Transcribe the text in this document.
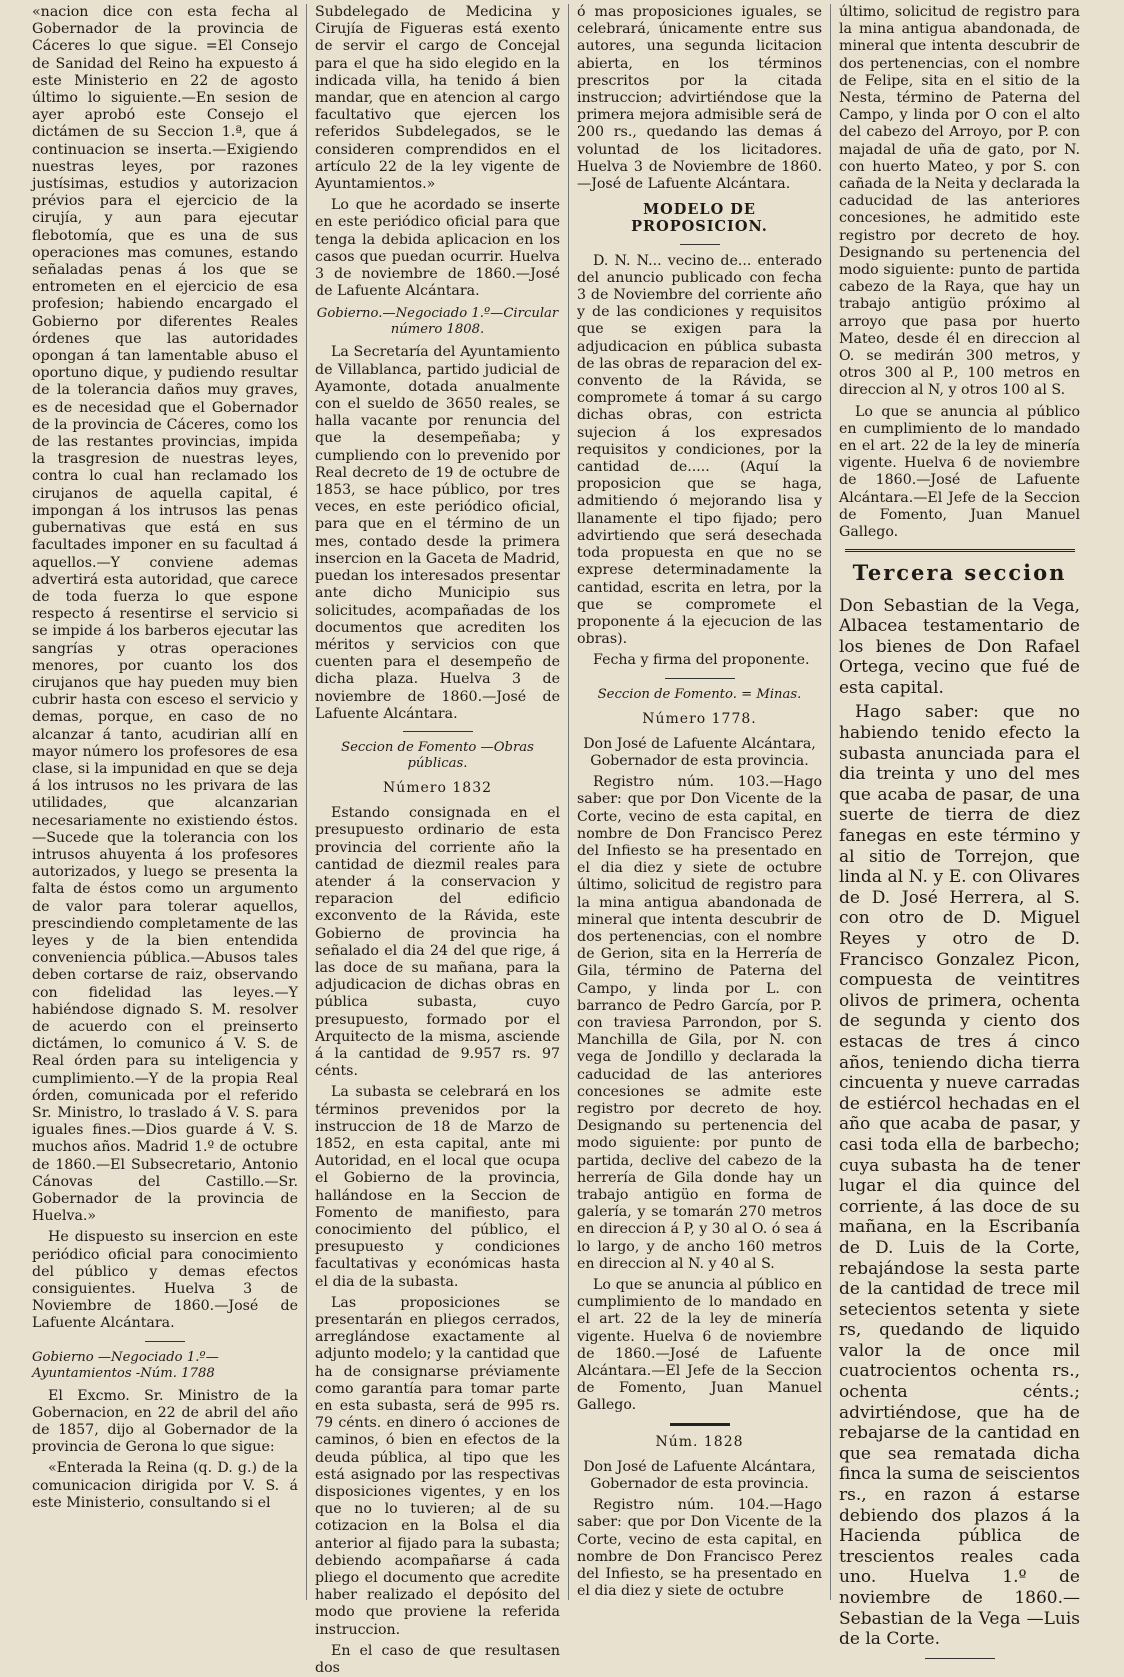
«nacion dice con esta fecha al Gobernador de la provincia de Cáceres lo que sigue. =El Consejo de Sanidad del Reino ha expuesto á este Ministerio en 22 de agosto último lo siguiente.—En sesion de ayer aprobó este Consejo el dictámen de su Seccion 1.ª, que á continuacion se inserta.—Exigiendo nuestras leyes, por razones justísimas, estudios y autorizacion prévios para el ejercicio de la cirujía, y aun para ejecutar flebotomía, que es una de sus operaciones mas comunes, estando señaladas penas á los que se entrometen en el ejercicio de esa profesion; habiendo encargado el Gobierno por diferentes Reales órdenes que las autoridades opongan á tan lamentable abuso el oportuno dique, y pudiendo resultar de la tolerancia daños muy graves, es de necesidad que el Gobernador de la provincia de Cáceres, como los de las restantes provincias, impida la trasgresion de nuestras leyes, contra lo cual han reclamado los cirujanos de aquella capital, é impongan á los intrusos las penas gubernativas que está en sus facultades imponer en su facultad á aquellos.—Y conviene ademas advertirá esta autoridad, que carece de toda fuerza lo que espone respecto á resentirse el servicio si se impide á los barberos ejecutar las sangrías y otras operaciones menores, por cuanto los dos cirujanos que hay pueden muy bien cubrir hasta con esceso el servicio y demas, porque, en caso de no alcanzar á tanto, acudirian allí en mayor número los profesores de esa clase, si la impunidad en que se deja á los intrusos no les privara de las utilidades, que alcanzarian necesariamente no existiendo éstos.—Sucede que la tolerancia con los intrusos ahuyenta á los profesores autorizados, y luego se presenta la falta de éstos como un argumento de valor para tolerar aquellos, prescindiendo completamente de las leyes y de la bien entendida conveniencia pública.—Abusos tales deben cortarse de raiz, observando con fidelidad las leyes.—Y habiéndose dignado S. M. resolver de acuerdo con el preinserto dictámen, lo comunico á V. S. de Real órden para su inteligencia y cumplimiento.—Y de la propia Real órden, comunicada por el referido Sr. Ministro, lo traslado á V. S. para iguales fines.—Dios guarde á V. S. muchos años. Madrid 1.º de octubre de 1860.—El Subsecretario, Antonio Cánovas del Castillo.—Sr. Gobernador de la provincia de Huelva.»

He dispuesto su insercion en este periódico oficial para conocimiento del público y demas efectos consiguientes. Huelva 3 de Noviembre de 1860.—José de Lafuente Alcántara.

Gobierno —Negociado 1.º—Ayuntamientos -Núm. 1788

El Excmo. Sr. Ministro de la Gobernacion, en 22 de abril del año de 1857, dijo al Gobernador de la provincia de Gerona lo que sigue:

«Enterada la Reina (q. D. g.) de la comunicacion dirigida por V. S. á este Ministerio, consultando si el

Subdelegado de Medicina y Cirujía de Figueras está exento de servir el cargo de Concejal para el que ha sido elegido en la indicada villa, ha tenido á bien mandar, que en atencion al cargo facultativo que ejercen los referidos Subdelegados, se le consideren comprendidos en el artículo 22 de la ley vigente de Ayuntamientos.»

Lo que he acordado se inserte en este periódico oficial para que tenga la debida aplicacion en los casos que puedan ocurrir. Huelva 3 de noviembre de 1860.—José de Lafuente Alcántara.

Gobierno.—Negociado 1.º—Circular número 1808.

La Secretaría del Ayuntamiento de Villablanca, partido judicial de Ayamonte, dotada anualmente con el sueldo de 3650 reales, se halla vacante por renuncia del que la desempeñaba; y cumpliendo con lo prevenido por Real decreto de 19 de octubre de 1853, se hace público, por tres veces, en este periódico oficial, para que en el término de un mes, contado desde la primera insercion en la Gaceta de Madrid, puedan los interesados presentar ante dicho Municipio sus solicitudes, acompañadas de los documentos que acrediten los méritos y servicios con que cuenten para el desempeño de dicha plaza. Huelva 3 de noviembre de 1860.—José de Lafuente Alcántara.

Seccion de Fomento —Obras públicas.
Número 1832

Estando consignada en el presupuesto ordinario de esta provincia del corriente año la cantidad de diezmil reales para atender á la conservacion y reparacion del edificio exconvento de la Rávida, este Gobierno de provincia ha señalado el dia 24 del que rige, á las doce de su mañana, para la adjudicacion de dichas obras en pública subasta, cuyo presupuesto, formado por el Arquitecto de la misma, asciende á la cantidad de 9.957 rs. 97 cénts.

La subasta se celebrará en los términos prevenidos por la instruccion de 18 de Marzo de 1852, en esta capital, ante mi Autoridad, en el local que ocupa el Gobierno de la provincia, hallándose en la Seccion de Fomento de manifiesto, para conocimiento del público, el presupuesto y condiciones facultativas y económicas hasta el dia de la subasta.

Las proposiciones se presentarán en pliegos cerrados, arreglándose exactamente al adjunto modelo; y la cantidad que ha de consignarse préviamente como garantía para tomar parte en esta subasta, será de 995 rs. 79 cénts. en dinero ó acciones de caminos, ó bien en efectos de la deuda pública, al tipo que les está asignado por las respectivas disposiciones vigentes, y en los que no lo tuvieren; al de su cotizacion en la Bolsa el dia anterior al fijado para la subasta; debiendo acompañarse á cada pliego el documento que acredite haber realizado el depósito del modo que proviene la referida instruccion.

En el caso de que resultasen dos

ó mas proposiciones iguales, se celebrará, únicamente entre sus autores, una segunda licitacion abierta, en los términos prescritos por la citada instruccion; advirtiéndose que la primera mejora admisible será de 200 rs., quedando las demas á voluntad de los licitadores. Huelva 3 de Noviembre de 1860.—José de Lafuente Alcántara.

MODELO DE PROPOSICION.

D. N. N... vecino de... enterado del anuncio publicado con fecha 3 de Noviembre del corriente año y de las condiciones y requisitos que se exigen para la adjudicacion en pública subasta de las obras de reparacion del ex-convento de la Rávida, se compromete á tomar á su cargo dichas obras, con estricta sujecion á los expresados requisitos y condiciones, por la cantidad de..... (Aquí la proposicion que se haga, admitiendo ó mejorando lisa y llanamente el tipo fijado; pero advirtiendo que será desechada toda propuesta en que no se exprese determinadamente la cantidad, escrita en letra, por la que se compromete el proponente á la ejecucion de las obras).

Fecha y firma del proponente.

Seccion de Fomento. = Minas.
Número 1778.

Don José de Lafuente Alcántara, Gobernador de esta provincia.

Registro núm. 103.—Hago saber: que por Don Vicente de la Corte, vecino de esta capital, en nombre de Don Francisco Perez del Infiesto se ha presentado en el dia diez y siete de octubre último, solicitud de registro para la mina antigua abandonada de mineral que intenta descubrir de dos pertenencias, con el nombre de Gerion, sita en la Herrería de Gila, término de Paterna del Campo, y linda por L. con barranco de Pedro García, por P. con traviesa Parrondon, por S. Manchilla de Gila, por N. con vega de Jondillo y declarada la caducidad de las anteriores concesiones se admite este registro por decreto de hoy. Designando su pertenencia del modo siguiente: por punto de partida, declive del cabezo de la herrería de Gila donde hay un trabajo antigüo en forma de galería, y se tomarán 270 metros en direccion á P, y 30 al O. ó sea á lo largo, y de ancho 160 metros en direccion al N. y 40 al S.

Lo que se anuncia al público en cumplimiento de lo mandado en el art. 22 de la ley de minería vigente. Huelva 6 de noviembre de 1860.—José de Lafuente Alcántara.—El Jefe de la Seccion de Fomento, Juan Manuel Gallego.

Núm. 1828

Don José de Lafuente Alcántara, Gobernador de esta provincia.

Registro núm. 104.—Hago saber: que por Don Vicente de la Corte, vecino de esta capital, en nombre de Don Francisco Perez del Infiesto, se ha presentado en el dia diez y siete de octubre

último, solicitud de registro para la mina antigua abandonada, de mineral que intenta descubrir de dos pertenencias, con el nombre de Felipe, sita en el sitio de la Nesta, término de Paterna del Campo, y linda por O con el alto del cabezo del Arroyo, por P. con majadal de uña de gato, por N. con huerto Mateo, y por S. con cañada de la Neita y declarada la caducidad de las anteriores concesiones, he admitido este registro por decreto de hoy. Designando su pertenencia del modo siguiente: punto de partida cabezo de la Raya, que hay un trabajo antigüo próximo al arroyo que pasa por huerto Mateo, desde él en direccion al O. se medirán 300 metros, y otros 300 al P., 100 metros en direccion al N, y otros 100 al S.

Lo que se anuncia al público en cumplimiento de lo mandado en el art. 22 de la ley de minería vigente. Huelva 6 de noviembre de 1860.—José de Lafuente Alcántara.—El Jefe de la Seccion de Fomento, Juan Manuel Gallego.

Tercera seccion

Don Sebastian de la Vega, Albacea testamentario de los bienes de Don Rafael Ortega, vecino que fué de esta capital.

Hago saber: que no habiendo tenido efecto la subasta anunciada para el dia treinta y uno del mes que acaba de pasar, de una suerte de tierra de diez fanegas en este término y al sitio de Torrejon, que linda al N. y E. con Olivares de D. José Herrera, al S. con otro de D. Miguel Reyes y otro de D. Francisco Gonzalez Picon, compuesta de veintitres olivos de primera, ochenta de segunda y ciento dos estacas de tres á cinco años, teniendo dicha tierra cincuenta y nueve carradas de estiércol hechadas en el año que acaba de pasar, y casi toda ella de barbecho; cuya subasta ha de tener lugar el dia quince del corriente, á las doce de su mañana, en la Escribanía de D. Luis de la Corte, rebajándose la sesta parte de la cantidad de trece mil setecientos setenta y siete rs, quedando de liquido valor la de once mil cuatrocientos ochenta rs., ochenta cénts.; advirtiéndose, que ha de rebajarse de la cantidad en que sea rematada dicha finca la suma de seiscientos rs., en razon á estarse debiendo dos plazos á la Hacienda pública de trescientos reales cada uno. Huelva 1.º de noviembre de 1860.—Sebastian de la Vega —Luis de la Corte.
